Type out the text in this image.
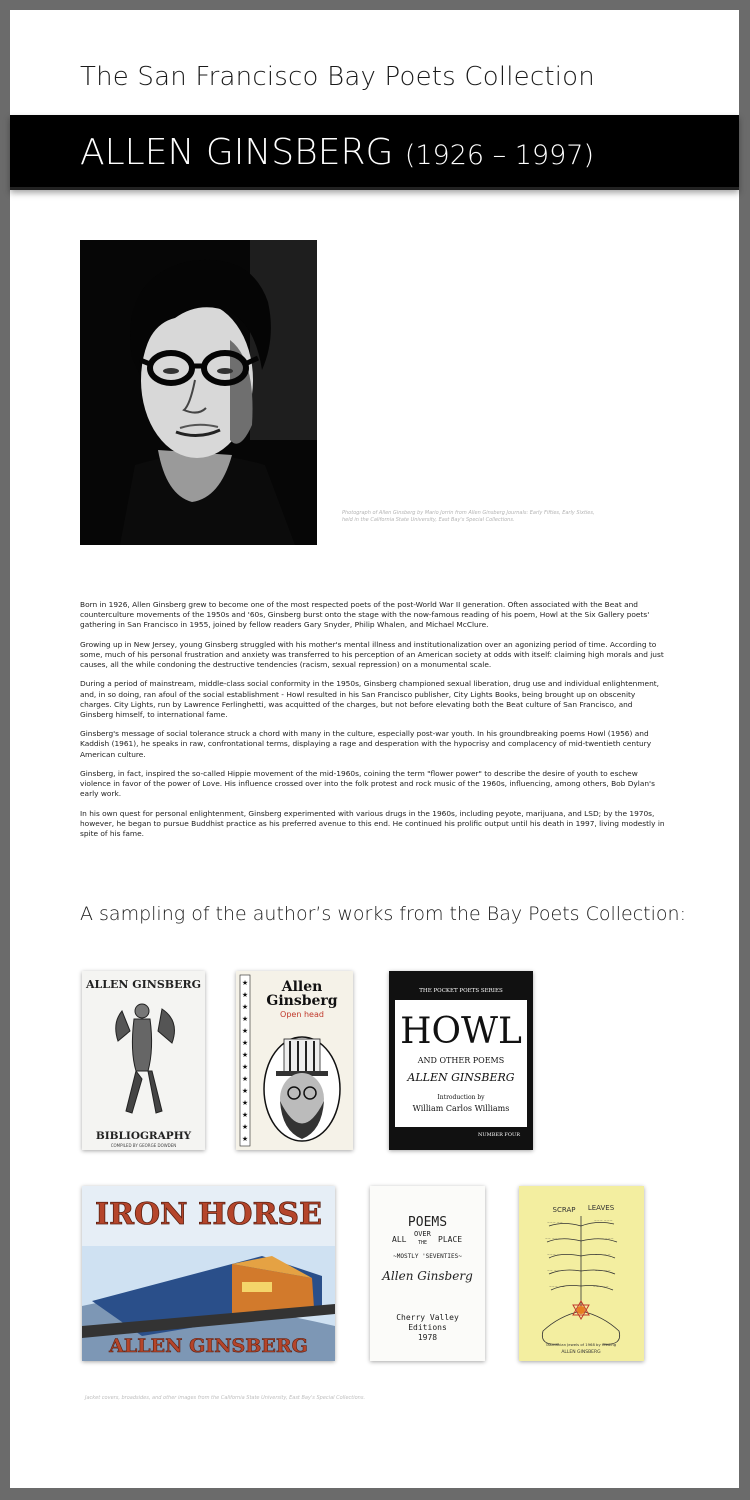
The San Francisco Bay Poets Collection
ALLEN GINSBERG (1926 – 1997)
Photograph of Allen Ginsberg by Mario Jorrin from Allen Ginsberg Journals: Early Fifties, Early Sixties, held in the California State University, East Bay's Special Collections.

Born in 1926, Allen Ginsberg grew to become one of the most respected poets of the post-World War II generation. Often associated with the Beat and counterculture movements of the 1950s and '60s, Ginsberg burst onto the stage with the now-famous reading of his poem, Howl at the Six Gallery poets' gathering in San Francisco in 1955, joined by fellow readers Gary Snyder, Philip Whalen, and Michael McClure.

Growing up in New Jersey, young Ginsberg struggled with his mother's mental illness and institutionalization over an agonizing period of time. According to some, much of his personal frustration and anxiety was transferred to his perception of an American society at odds with itself: claiming high morals and just causes, all the while condoning the destructive tendencies (racism, sexual repression) on a monumental scale.

During a period of mainstream, middle-class social conformity in the 1950s, Ginsberg championed sexual liberation, drug use and individual enlightenment, and, in so doing, ran afoul of the social establishment - Howl resulted in his San Francisco publisher, City Lights Books, being brought up on obscenity charges. City Lights, run by Lawrence Ferlinghetti, was acquitted of the charges, but not before elevating both the Beat culture of San Francisco, and Ginsberg himself, to international fame.

Ginsberg's message of social tolerance struck a chord with many in the culture, especially post-war youth. In his groundbreaking poems Howl (1956) and Kaddish (1961), he speaks in raw, confrontational terms, displaying a rage and desperation with the hypocrisy and complacency of mid-twentieth century American culture.

Ginsberg, in fact, inspired the so-called Hippie movement of the mid-1960s, coining the term "flower power" to describe the desire of youth to eschew violence in favor of the power of Love. His influence crossed over into the folk protest and rock music of the 1960s, influencing, among others, Bob Dylan's early work.

In his own quest for personal enlightenment, Ginsberg experimented with various drugs in the 1960s, including peyote, marijuana, and LSD; by the 1970s, however, he began to pursue Buddhist practice as his preferred avenue to this end. He continued his prolific output until his death in 1997, living modestly in spite of his fame.

A sampling of the author’s works from the Bay Poets Collection:
ALLEN GINSBERG
BIBLIOGRAPHY
COMPILED BY GEORGE DOWDEN
★
★
★
★
★
★
★
★
★
★
★
★
★
★
Allen
Ginsberg
Open head
THE POCKET POETS SERIES
HOWL
AND OTHER POEMS
ALLEN GINSBERG
Introduction by
William Carlos Williams
NUMBER FOUR
IRON HORSE
ALLEN GINSBERG
POEMS
ALL
OVER
THE PLACE
~MOSTLY 'SEVENTIES~
Allen Ginsberg
Cherry Valley
Editions
1978
SCRAP LEAVES
~~~ ~~	~~~ ~~~
~~ ~~~~	~~~ ~~~
~~~ ~~	~~~~ ~
~~ ~~~	~~~ ~~
~~~ ~~	~~ ~~~
Tasmanian Jewels of 1968 by feeding
ALLEN GINSBERG
Jacket covers, broadsides, and other images from the California State University, East Bay's Special Collections.
